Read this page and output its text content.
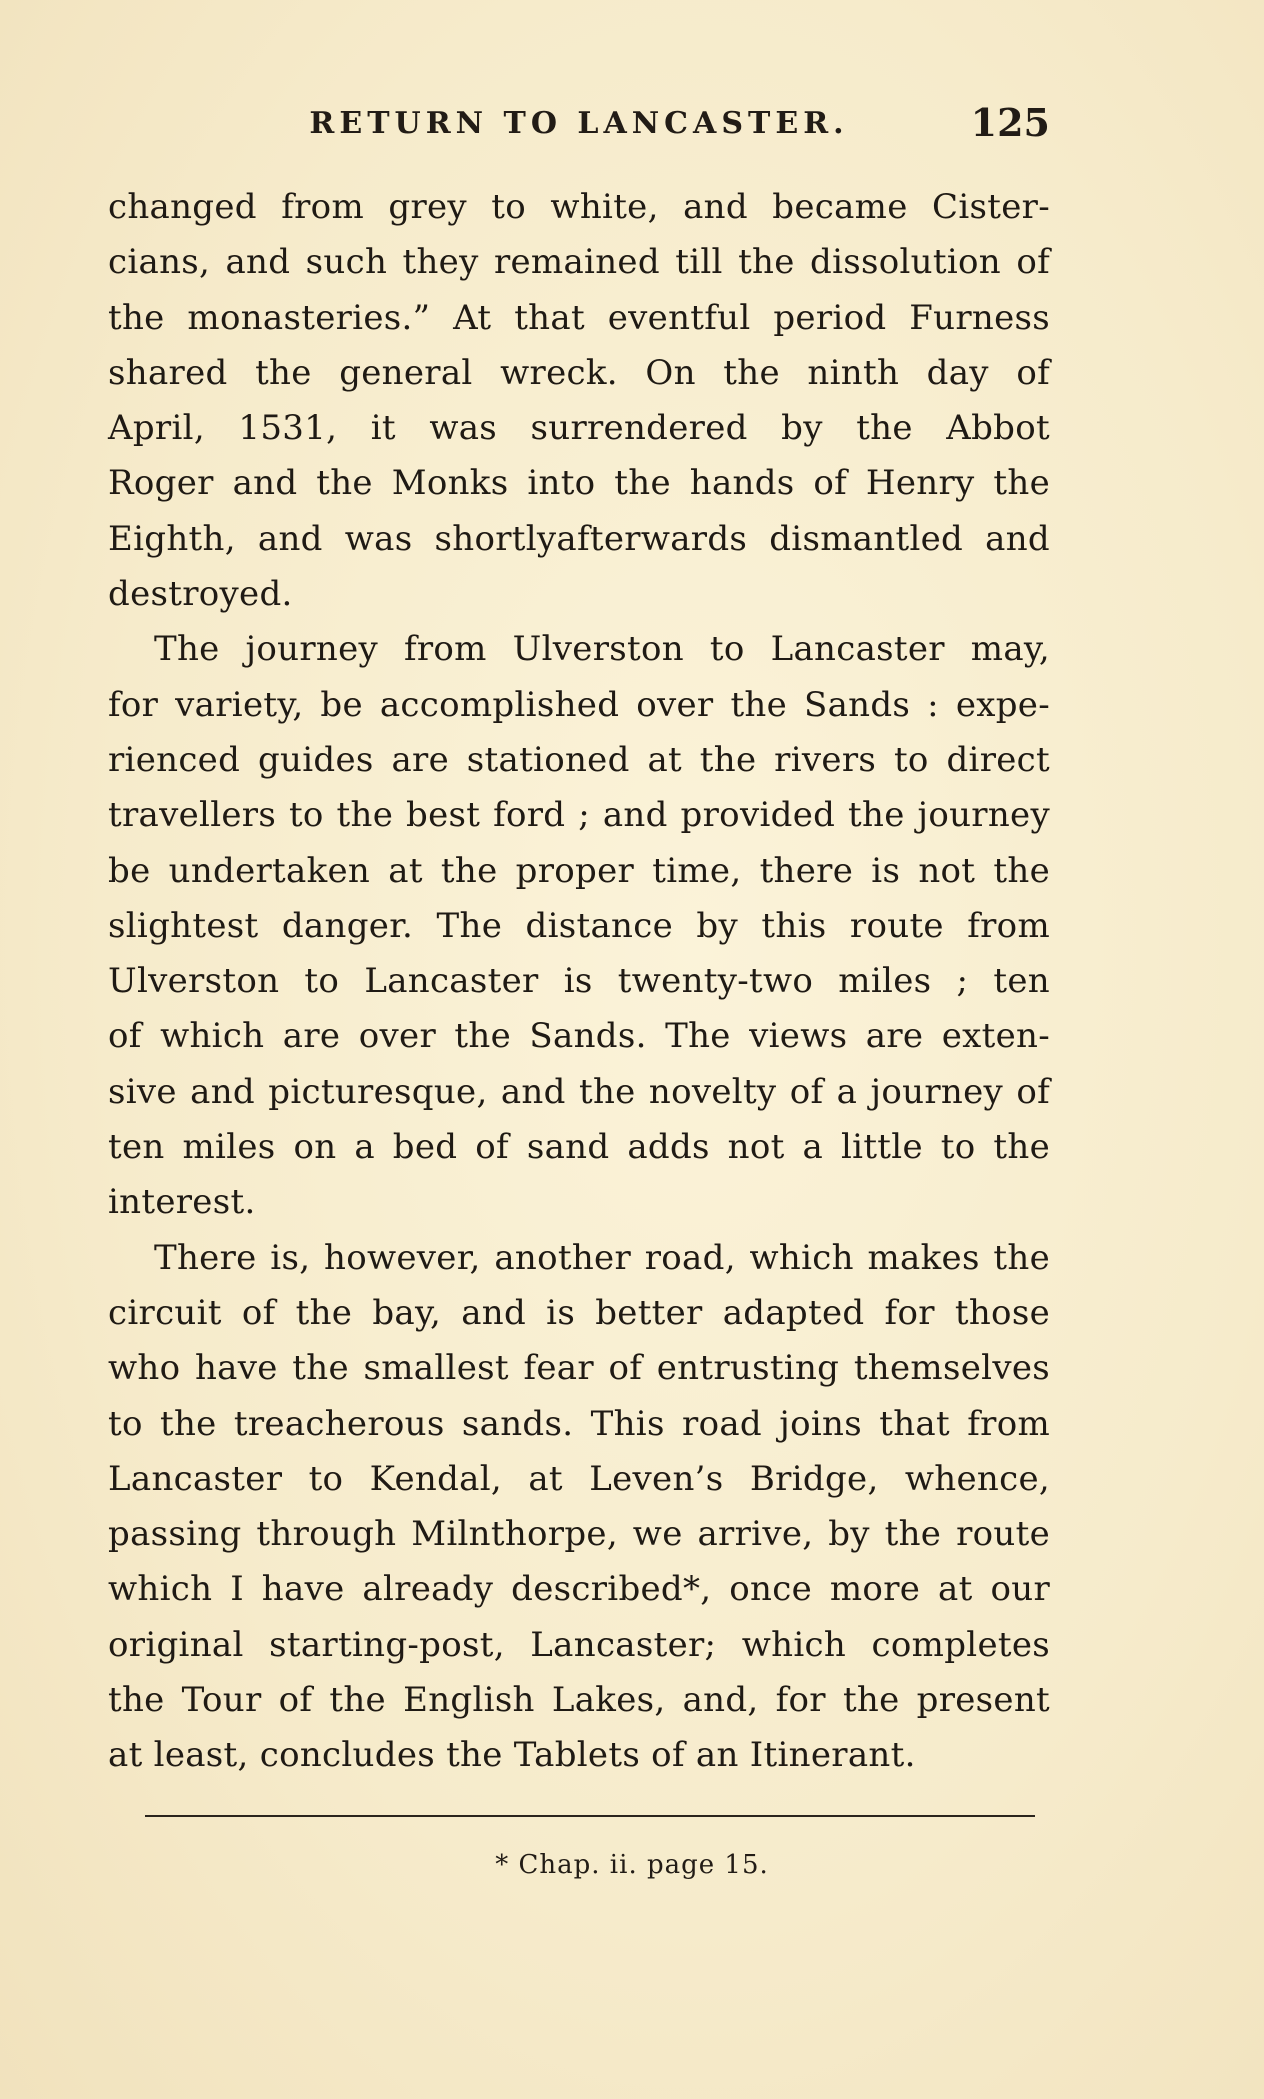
RETURN TO LANCASTER.	125
changed from grey to white, and became Cister-
cians, and such they remained till the dissolution of
the monasteries.” At that eventful period Furness
shared the general wreck. On the ninth day of
April, 1531, it was surrendered by the Abbot
Roger and the Monks into the hands of Henry the
Eighth, and was shortlyafterwards dismantled and
destroyed.
The journey from Ulverston to Lancaster may,
for variety, be accomplished over the Sands : expe-
rienced guides are stationed at the rivers to direct
travellers to the best ford ; and provided the journey
be undertaken at the proper time, there is not the
slightest danger. The distance by this route from
Ulverston to Lancaster is twenty-two miles ; ten
of which are over the Sands. The views are exten-
sive and picturesque, and the novelty of a journey of
ten miles on a bed of sand adds not a little to the
interest.
There is, however, another road, which makes the
circuit of the bay, and is better adapted for those
who have the smallest fear of entrusting themselves
to the treacherous sands. This road joins that from
Lancaster to Kendal, at Leven’s Bridge, whence,
passing through Milnthorpe, we arrive, by the route
which I have already described*, once more at our
original starting-post, Lancaster; which completes
the Tour of the English Lakes, and, for the present
at least, concludes the Tablets of an Itinerant.
* Chap. ii. page 15.
